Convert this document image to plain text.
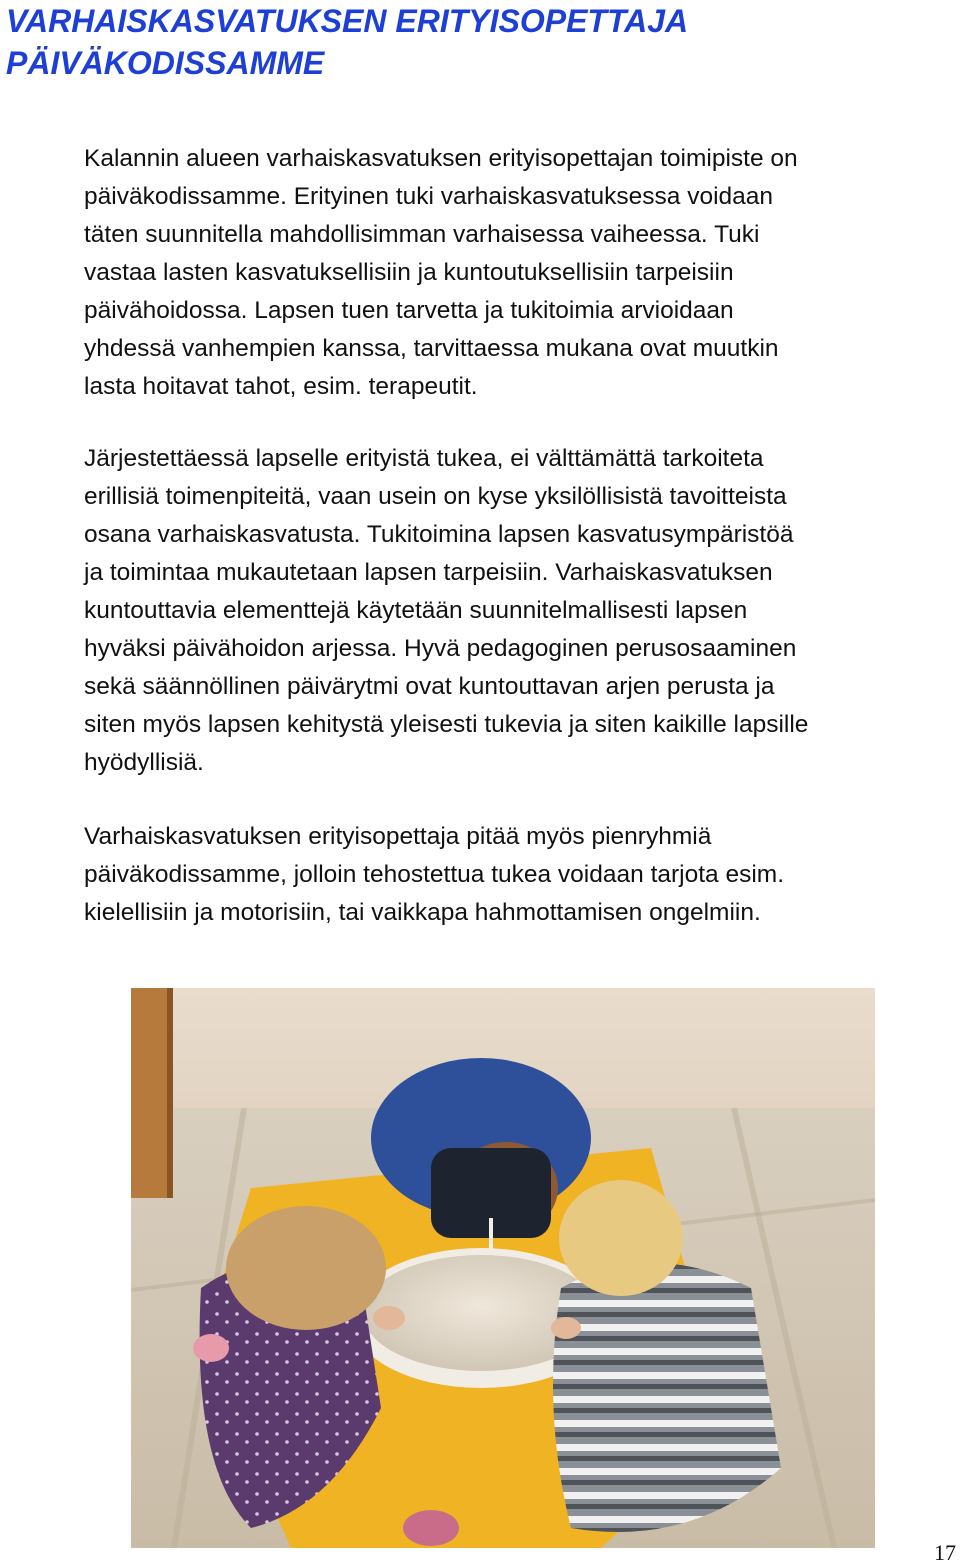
VARHAISKASVATUKSEN ERITYISOPETTAJA
PÄIVÄKODISSAMME
Kalannin alueen varhaiskasvatuksen erityisopettajan toimipiste on
päiväkodissamme. Erityinen tuki varhaiskasvatuksessa voidaan
täten suunnitella mahdollisimman varhaisessa vaiheessa. Tuki
vastaa lasten kasvatuksellisiin ja kuntoutuksellisiin tarpeisiin
päivähoidossa. Lapsen tuen tarvetta ja tukitoimia arvioidaan
yhdessä vanhempien kanssa, tarvittaessa mukana ovat muutkin
lasta hoitavat tahot, esim. terapeutit.
Järjestettäessä lapselle erityistä tukea, ei välttämättä tarkoiteta
erillisiä toimenpiteitä, vaan usein on kyse yksilöllisistä tavoitteista
osana varhaiskasvatusta. Tukitoimina lapsen kasvatusympäristöä
ja toimintaa mukautetaan lapsen tarpeisiin. Varhaiskasvatuksen
kuntouttavia elementtejä käytetään suunnitelmallisesti lapsen
hyväksi päivähoidon arjessa. Hyvä pedagoginen perusosaaminen
sekä säännöllinen päivärytmi ovat kuntouttavan arjen perusta ja
siten myös lapsen kehitystä yleisesti tukevia ja siten kaikille lapsille
hyödyllisiä.
Varhaiskasvatuksen erityisopettaja pitää myös pienryhmiä
päiväkodissamme, jolloin tehostettua tukea voidaan tarjota esim.
kielellisiin ja motorisiin, tai vaikkapa hahmottamisen ongelmiin.
17
